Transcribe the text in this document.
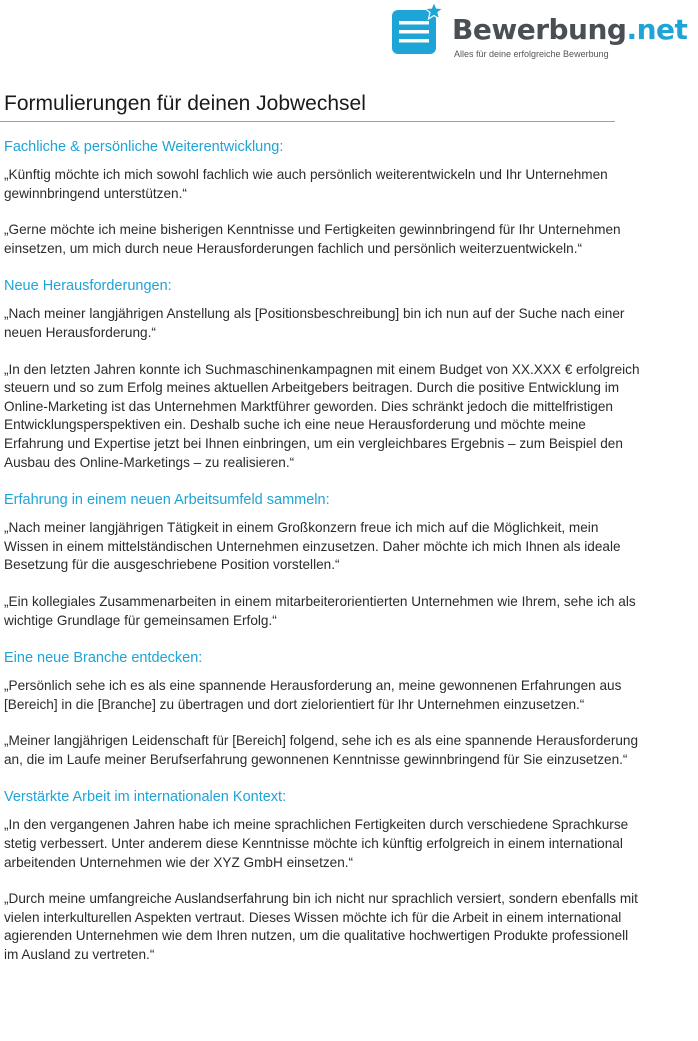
Bewerbung.net
Alles für deine erfolgreiche Bewerbung
Formulierungen für deinen Jobwechsel
Fachliche & persönliche Weiterentwicklung:

„Künftig möchte ich mich sowohl fachlich wie auch persönlich weiterentwickeln und Ihr Unternehmen gewinnbringend unterstützen.“

„Gerne möchte ich meine bisherigen Kenntnisse und Fertigkeiten gewinnbringend für Ihr Unternehmen einsetzen, um mich durch neue Herausforderungen fachlich und persönlich weiterzuentwickeln.“

Neue Herausforderungen:

„Nach meiner langjährigen Anstellung als [Positionsbeschreibung] bin ich nun auf der Suche nach einer neuen Herausforderung.“

„In den letzten Jahren konnte ich Suchmaschinenkampagnen mit einem Budget von XX.XXX € erfolgreich steuern und so zum Erfolg meines aktuellen Arbeitgebers beitragen. Durch die positive Entwicklung im Online-Marketing ist das Unternehmen Marktführer geworden. Dies schränkt jedoch die mittelfristigen Entwicklungsperspektiven ein. Deshalb suche ich eine neue Herausforderung und möchte meine Erfahrung und Expertise jetzt bei Ihnen einbringen, um ein vergleichbares Ergebnis – zum Beispiel den Ausbau des Online-Marketings – zu realisieren.“

Erfahrung in einem neuen Arbeitsumfeld sammeln:

„Nach meiner langjährigen Tätigkeit in einem Großkonzern freue ich mich auf die Möglichkeit, mein Wissen in einem mittelständischen Unternehmen einzusetzen. Daher möchte ich mich Ihnen als ideale Besetzung für die ausgeschriebene Position vorstellen.“

„Ein kollegiales Zusammenarbeiten in einem mitarbeiterorientierten Unternehmen wie Ihrem, sehe ich als wichtige Grundlage für gemeinsamen Erfolg.“

Eine neue Branche entdecken:

„Persönlich sehe ich es als eine spannende Herausforderung an, meine gewonnenen Erfahrungen aus [Bereich] in die [Branche] zu übertragen und dort zielorientiert für Ihr Unternehmen einzusetzen.“

„Meiner langjährigen Leidenschaft für [Bereich] folgend, sehe ich es als eine spannende Herausforderung an, die im Laufe meiner Berufserfahrung gewonnenen Kenntnisse gewinnbringend für Sie einzusetzen.“

Verstärkte Arbeit im internationalen Kontext:

„In den vergangenen Jahren habe ich meine sprachlichen Fertigkeiten durch verschiedene Sprachkurse stetig verbessert. Unter anderem diese Kenntnisse möchte ich künftig erfolgreich in einem international arbeitenden Unternehmen wie der XYZ GmbH einsetzen.“

„Durch meine umfangreiche Auslandserfahrung bin ich nicht nur sprachlich versiert, sondern ebenfalls mit vielen interkulturellen Aspekten vertraut. Dieses Wissen möchte ich für die Arbeit in einem international agierenden Unternehmen wie dem Ihren nutzen, um die qualitative hochwertigen Produkte professionell im Ausland zu vertreten.“
